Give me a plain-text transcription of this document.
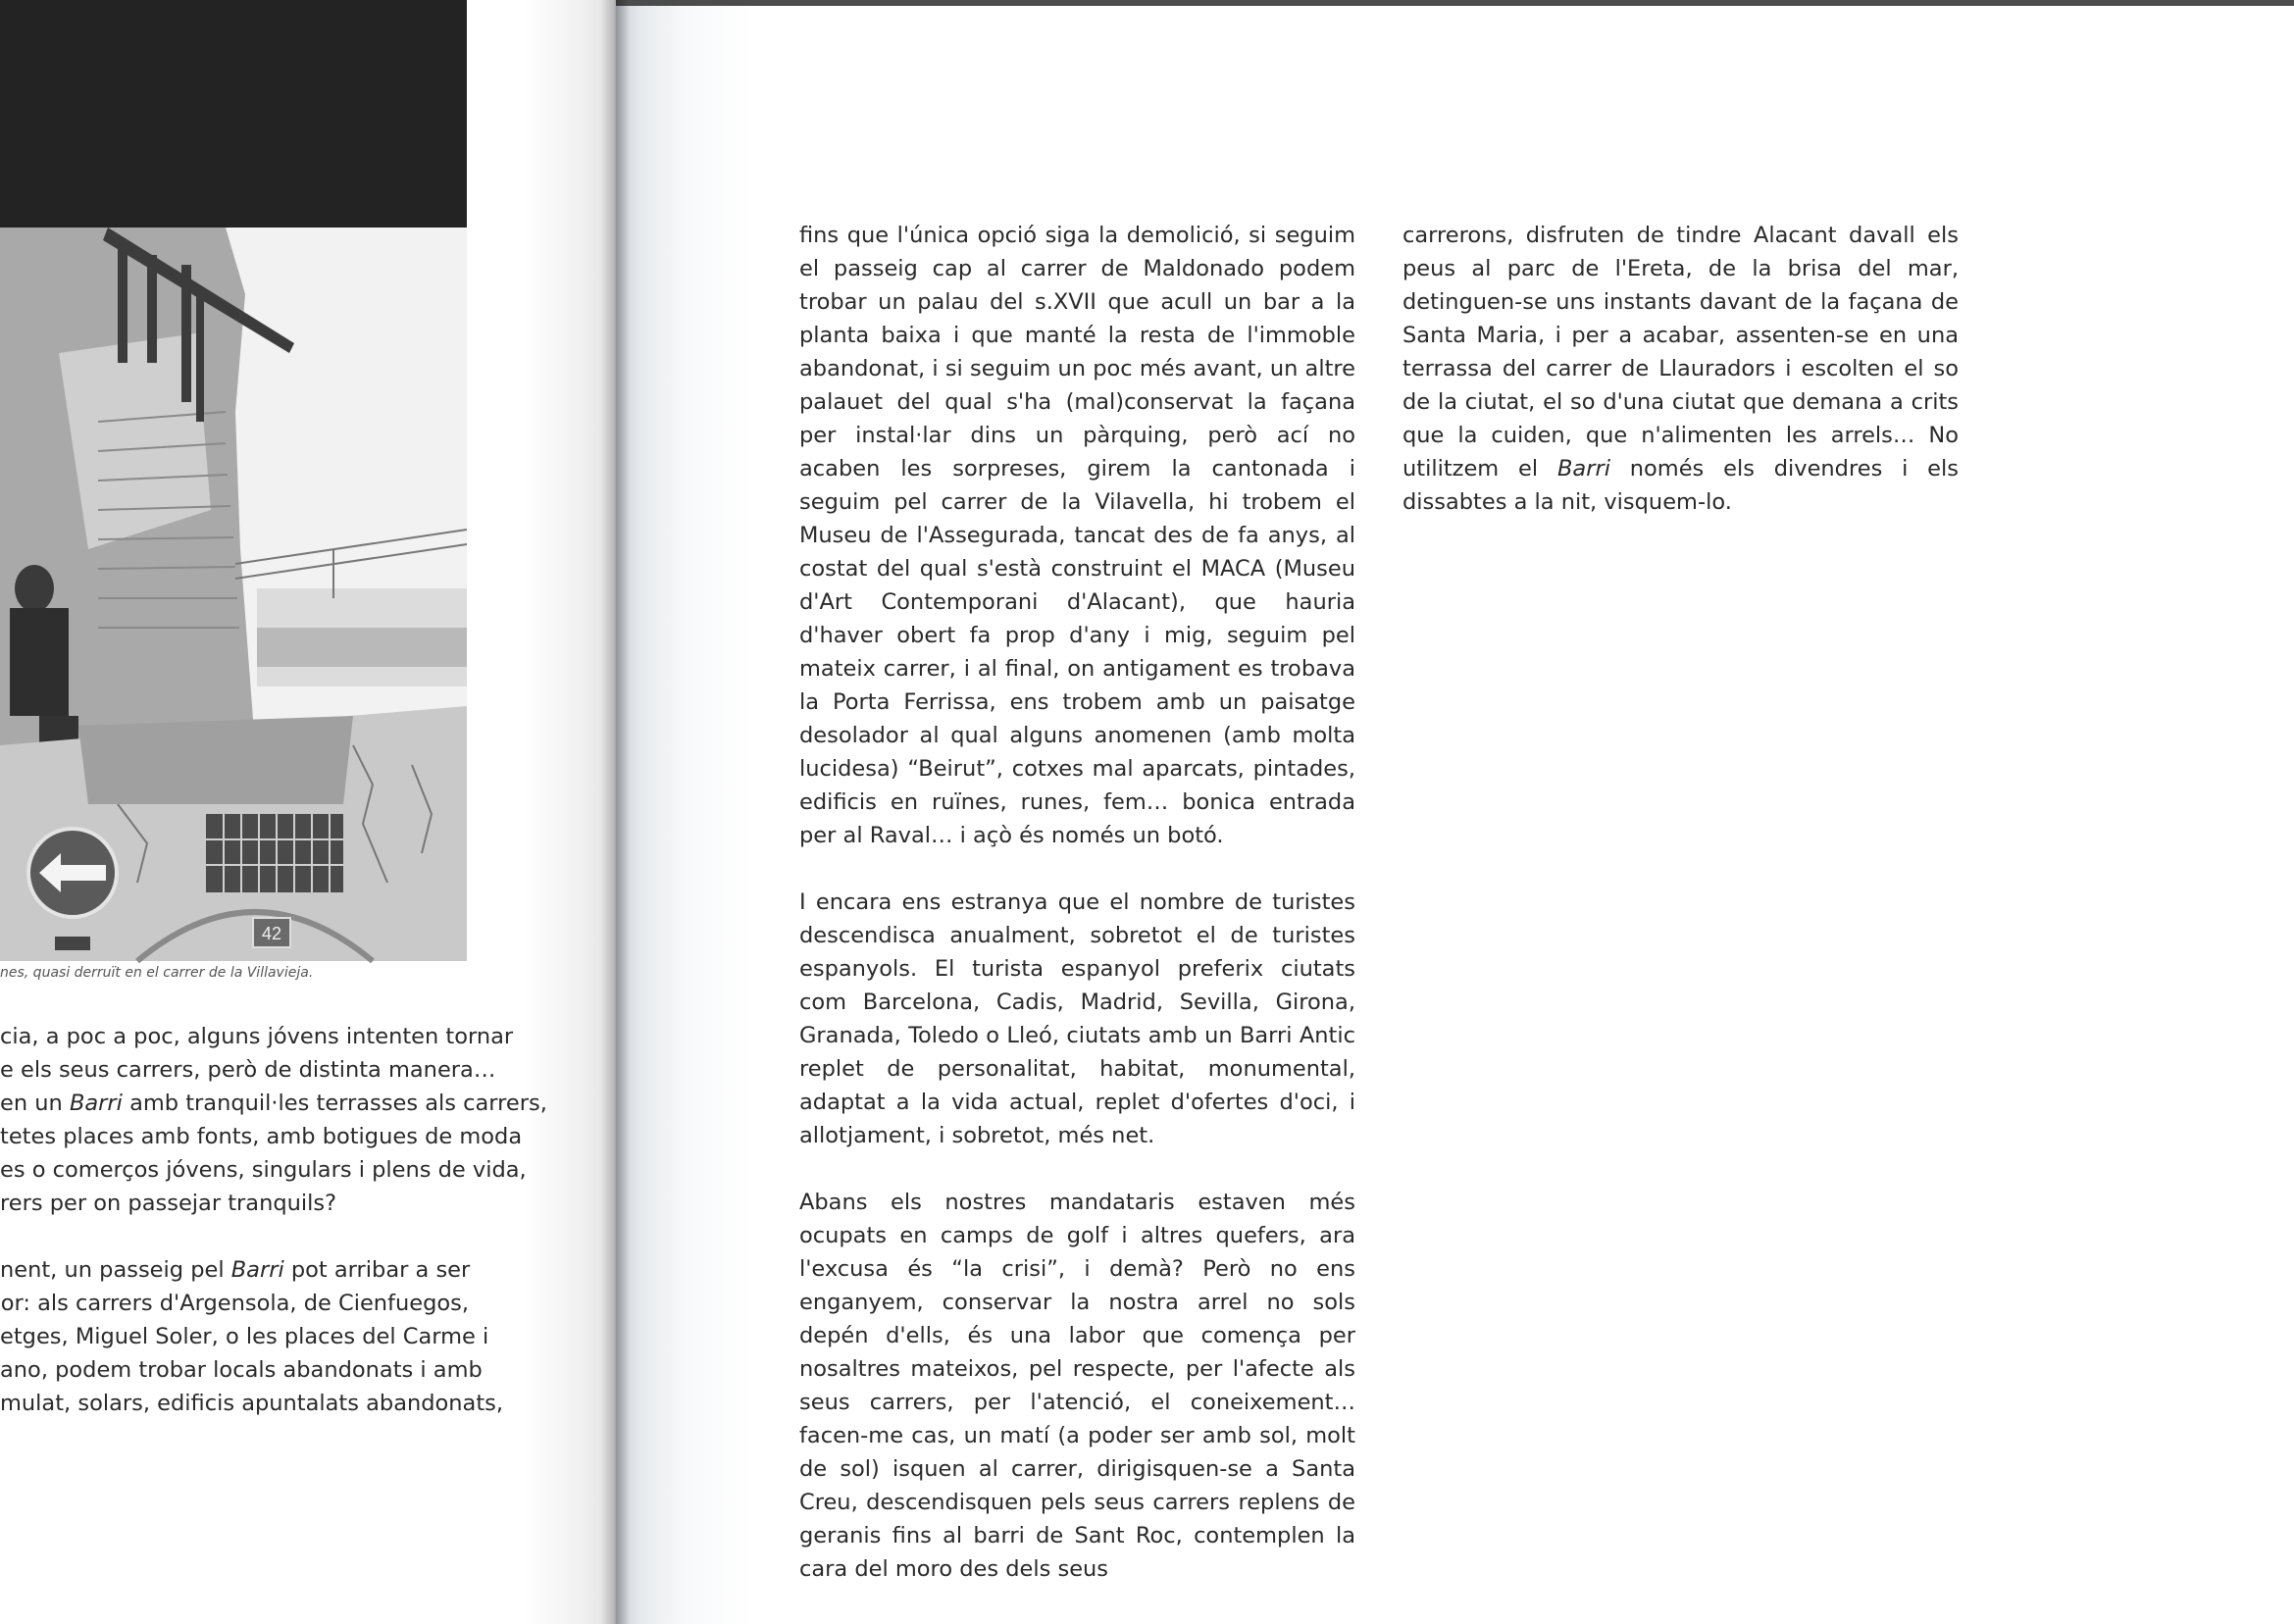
42
nes, quasi derruït en el carrer de la Villavieja.
cia, a poc a poc, alguns jóvens intenten tornar
e els seus carrers, però de distinta manera…
en un Barri amb tranquil·les terrasses als carrers,
tetes places amb fonts, amb botigues de moda
es o comerços jóvens, singulars i plens de vida,
rers per on passejar tranquils?
nent, un passeig pel Barri pot arribar a ser
or: als carrers d'Argensola, de Cienfuegos,
etges, Miguel Soler, o les places del Carme i
ano, podem trobar locals abandonats i amb
mulat, solars, edificis apuntalats abandonats,

fins que l'única opció siga la demolició, si seguim el passeig cap al carrer de Maldonado podem trobar un palau del s.XVII que acull un bar a la planta baixa i que manté la resta de l'immoble abandonat, i si seguim un poc més avant, un altre palauet del qual s'ha (mal)conservat la façana per instal·lar dins un pàrquing, però ací no acaben les sorpreses, girem la cantonada i seguim pel carrer de la Vilavella, hi trobem el Museu de l'Assegurada, tancat des de fa anys, al costat del qual s'està construint el MACA (Museu d'Art Contemporani d'Alacant), que hauria d'haver obert fa prop d'any i mig, seguim pel mateix carrer, i al final, on antigament es trobava la Porta Ferrissa, ens trobem amb un paisatge desolador al qual alguns anomenen (amb molta lucidesa) “Beirut”, cotxes mal aparcats, pintades, edificis en ruïnes, runes, fem… bonica entrada per al Raval… i açò és només un botó.

I encara ens estranya que el nombre de turistes descendisca anualment, sobretot el de turistes espanyols. El turista espanyol preferix ciutats com Barcelona, Cadis, Madrid, Sevilla, Girona, Granada, Toledo o Lleó, ciutats amb un Barri Antic replet de personalitat, habitat, monumental, adaptat a la vida actual, replet d'ofertes d'oci, i allotjament, i sobretot, més net.

Abans els nostres mandataris estaven més ocupats en camps de golf i altres quefers, ara l'excusa és “la crisi”, i demà? Però no ens enganyem, conservar la nostra arrel no sols depén d'ells, és una labor que comença per nosaltres mateixos, pel respecte, per l'afecte als seus carrers, per l'atenció, el coneixement… facen-me cas, un matí (a poder ser amb sol, molt de sol) isquen al carrer, dirigisquen-se a Santa Creu, descendisquen pels seus carrers replens de geranis fins al barri de Sant Roc, contemplen la cara del moro des dels seus

carrerons, disfruten de tindre Alacant davall els peus al parc de l'Ereta, de la brisa del mar, detinguen-se uns instants davant de la façana de Santa Maria, i per a acabar, assenten-se en una terrassa del carrer de Llauradors i escolten el so de la ciutat, el so d'una ciutat que demana a crits que la cuiden, que n'alimenten les arrels… No utilitzem el Barri només els divendres i els dissabtes a la nit, visquem-lo.
